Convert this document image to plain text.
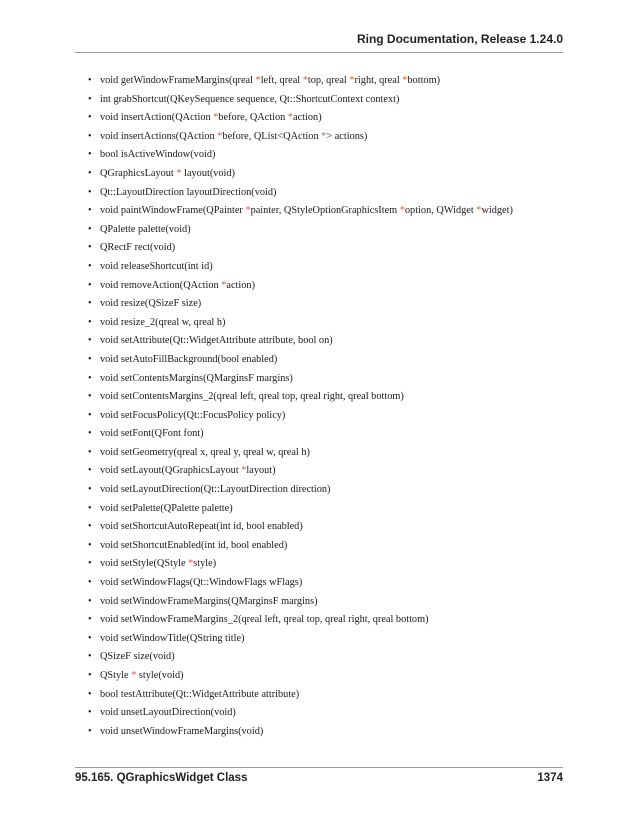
Ring Documentation, Release 1.24.0
• void getWindowFrameMargins(qreal *left, qreal *top, qreal *right, qreal *bottom)
• int grabShortcut(QKeySequence sequence, Qt::ShortcutContext context)
• void insertAction(QAction *before, QAction *action)
• void insertActions(QAction *before, QList<QAction *> actions)
• bool isActiveWindow(void)
• QGraphicsLayout * layout(void)
• Qt::LayoutDirection layoutDirection(void)
• void paintWindowFrame(QPainter *painter, QStyleOptionGraphicsItem *option, QWidget *widget)
• QPalette palette(void)
• QRectF rect(void)
• void releaseShortcut(int id)
• void removeAction(QAction *action)
• void resize(QSizeF size)
• void resize_2(qreal w, qreal h)
• void setAttribute(Qt::WidgetAttribute attribute, bool on)
• void setAutoFillBackground(bool enabled)
• void setContentsMargins(QMarginsF margins)
• void setContentsMargins_2(qreal left, qreal top, qreal right, qreal bottom)
• void setFocusPolicy(Qt::FocusPolicy policy)
• void setFont(QFont font)
• void setGeometry(qreal x, qreal y, qreal w, qreal h)
• void setLayout(QGraphicsLayout *layout)
• void setLayoutDirection(Qt::LayoutDirection direction)
• void setPalette(QPalette palette)
• void setShortcutAutoRepeat(int id, bool enabled)
• void setShortcutEnabled(int id, bool enabled)
• void setStyle(QStyle *style)
• void setWindowFlags(Qt::WindowFlags wFlags)
• void setWindowFrameMargins(QMarginsF margins)
• void setWindowFrameMargins_2(qreal left, qreal top, qreal right, qreal bottom)
• void setWindowTitle(QString title)
• QSizeF size(void)
• QStyle * style(void)
• bool testAttribute(Qt::WidgetAttribute attribute)
• void unsetLayoutDirection(void)
• void unsetWindowFrameMargins(void)
95.165. QGraphicsWidget Class	1374
